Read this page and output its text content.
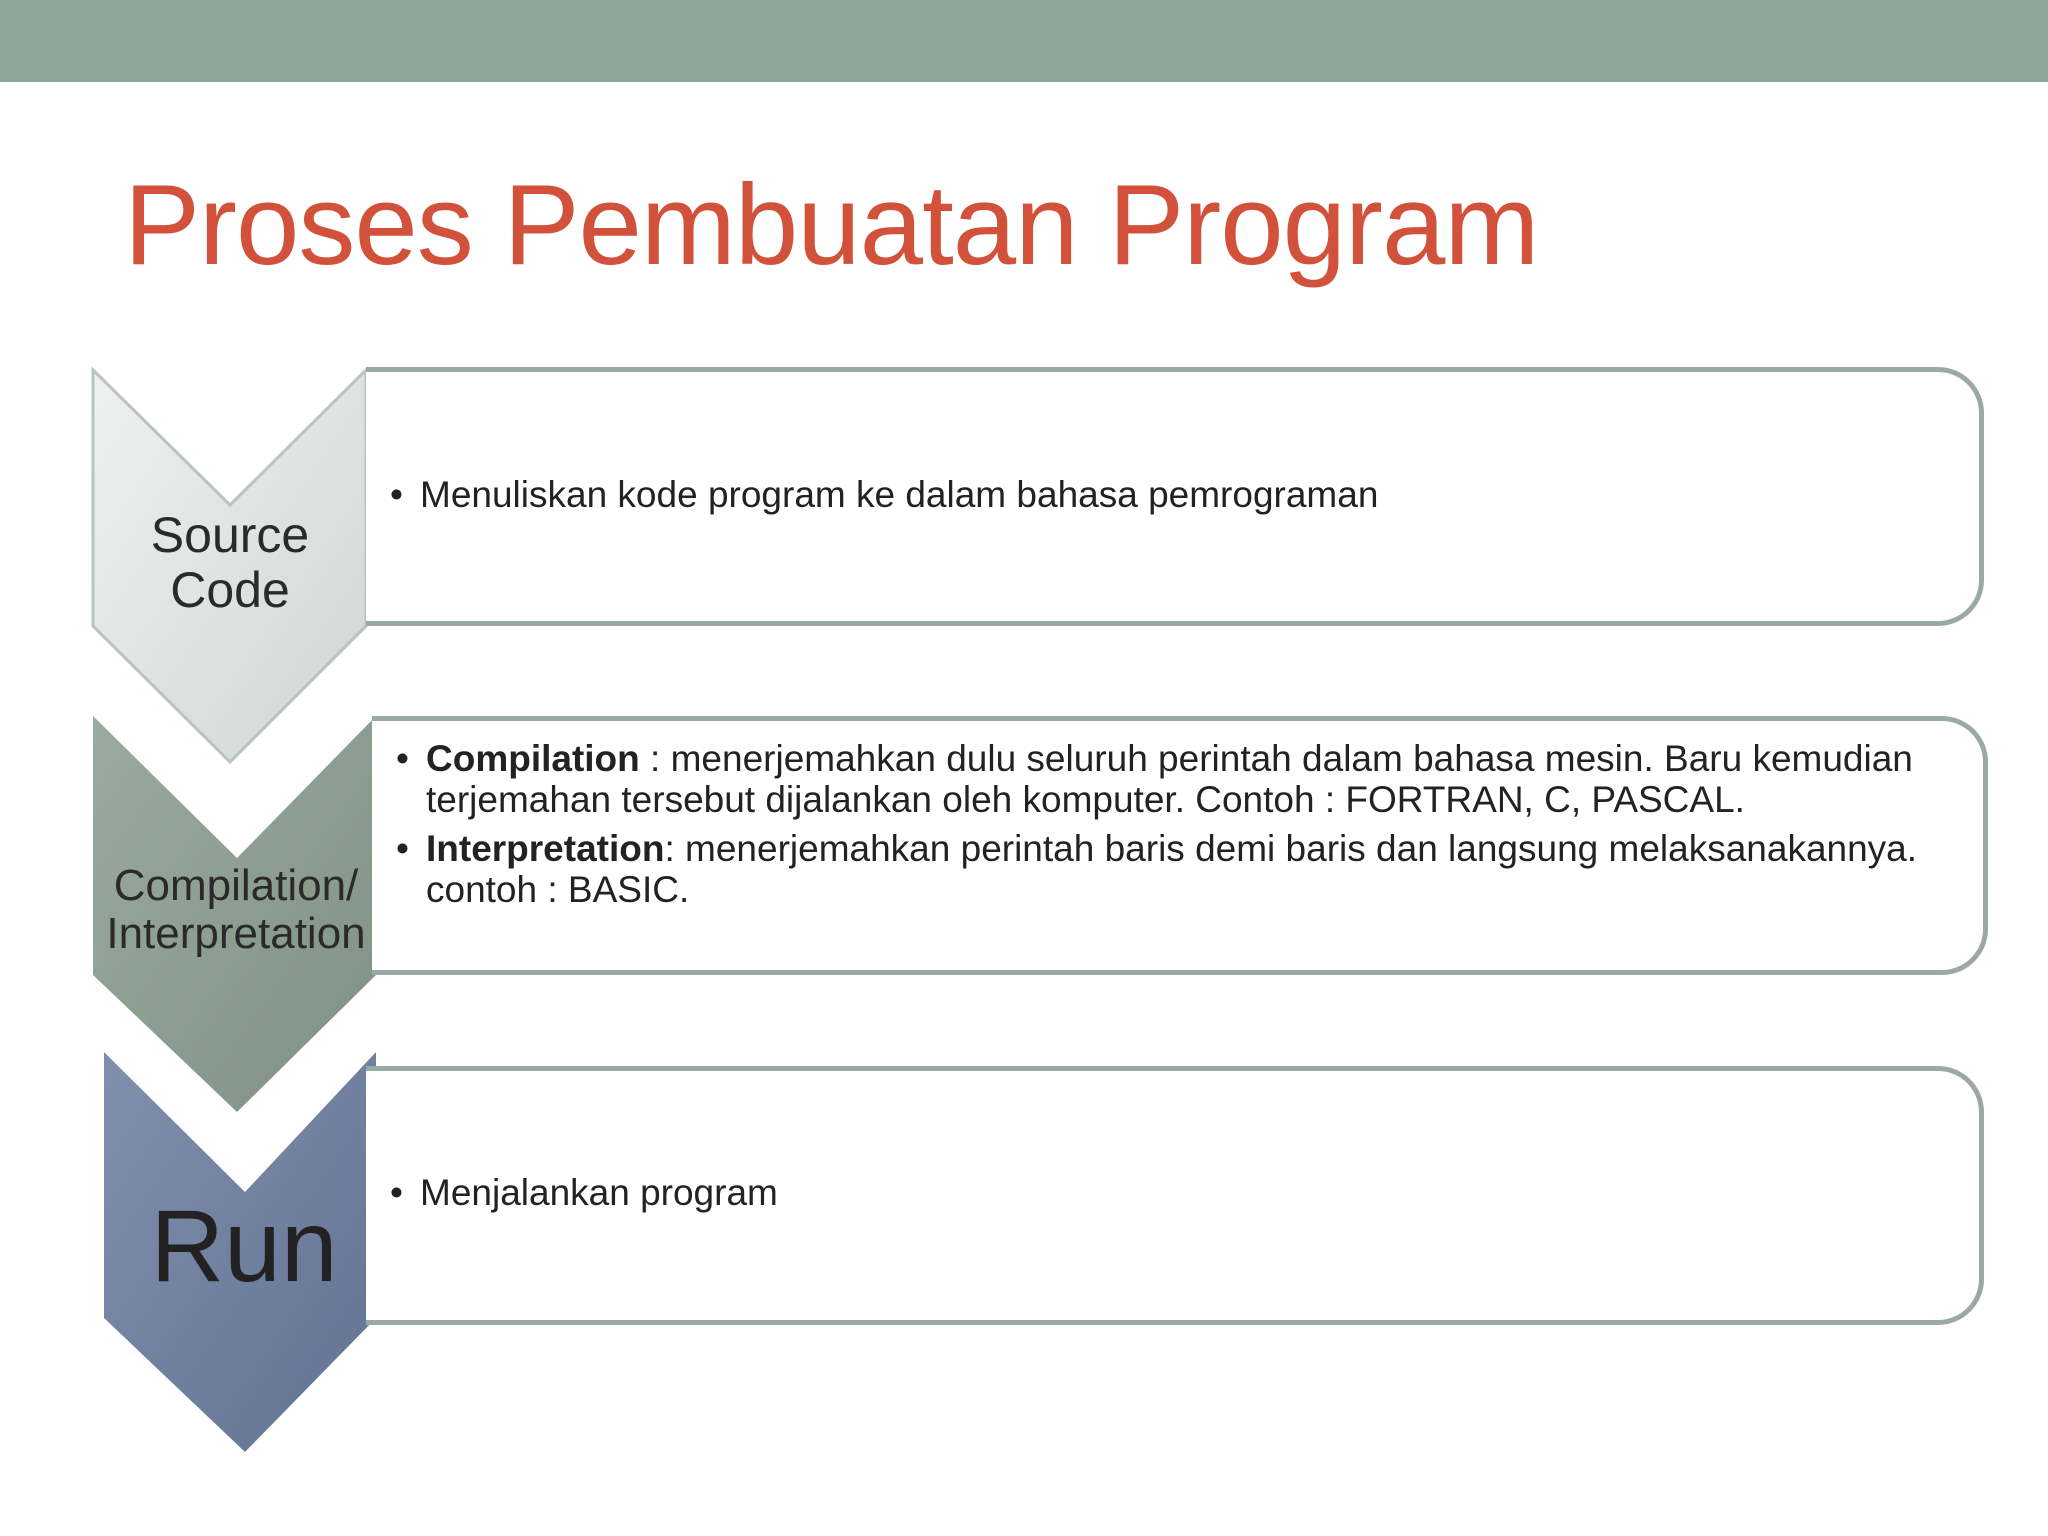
Proses Pembuatan Program
Source
Code
Compilation/
Interpretation
Run
• Menuliskan kode program ke dalam bahasa pemrograman
• Compilation : menerjemahkan dulu seluruh perintah dalam bahasa mesin. Baru kemudian terjemahan tersebut dijalankan oleh komputer. Contoh : FORTRAN, C, PASCAL.
• Interpretation: menerjemahkan perintah baris demi baris dan langsung melaksanakannya. contoh : BASIC.
• Menjalankan program
